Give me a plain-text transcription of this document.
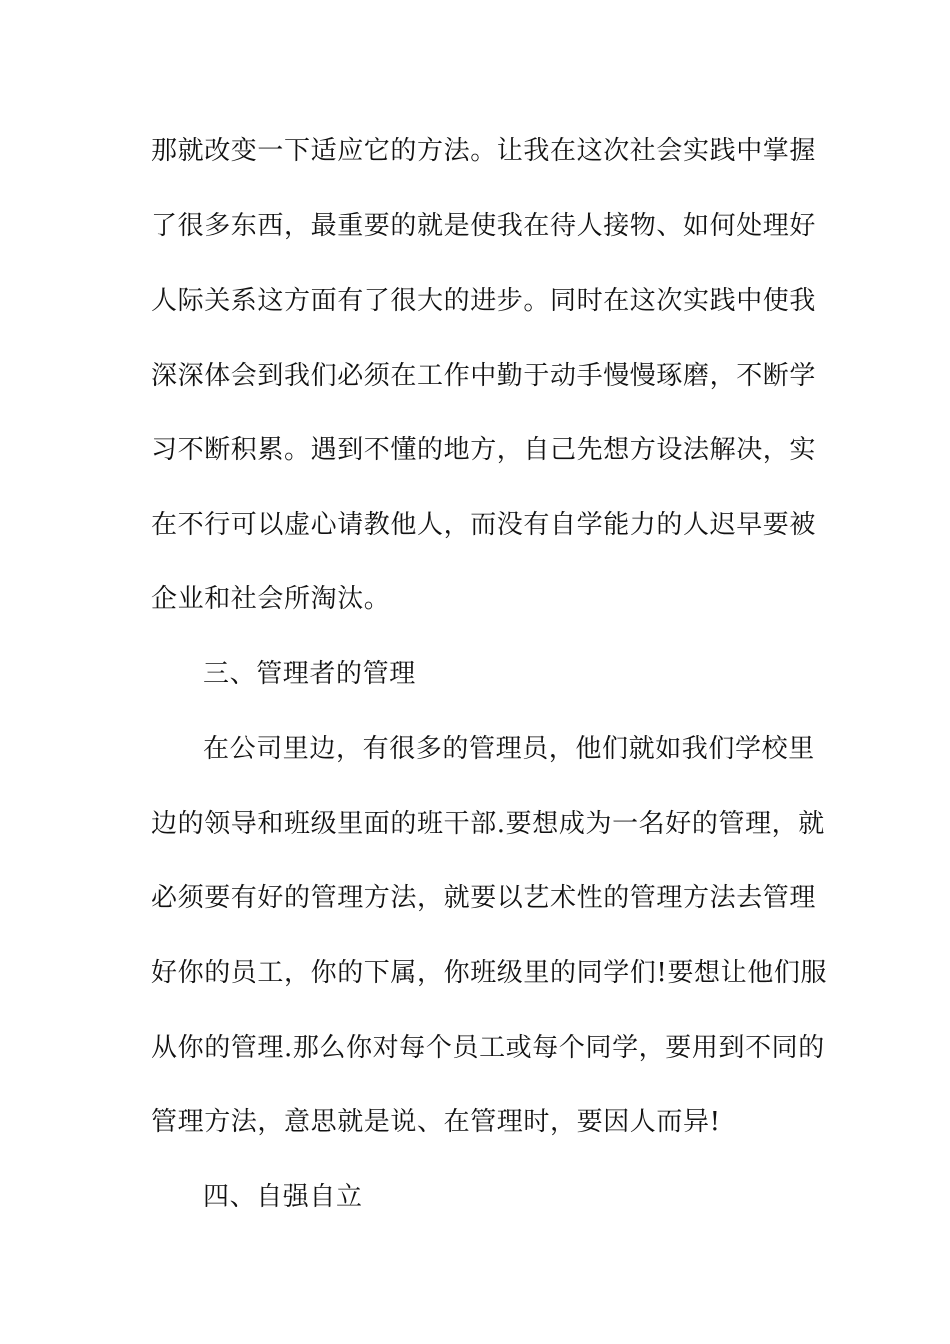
那就改变一下适应它的方法。让我在这次社会实践中掌握
了很多东西，最重要的就是使我在待人接物、如何处理好
人际关系这方面有了很大的进步。同时在这次实践中使我
深深体会到我们必须在工作中勤于动手慢慢琢磨，不断学
习不断积累。遇到不懂的地方，自己先想方设法解决，实
在不行可以虚心请教他人，而没有自学能力的人迟早要被
企业和社会所淘汰。
三、管理者的管理
在公司里边，有很多的管理员，他们就如我们学校里
边的领导和班级里面的班干部.要想成为一名好的管理，就
必须要有好的管理方法，就要以艺术性的管理方法去管理
好你的员工，你的下属，你班级里的同学们!要想让他们服
从你的管理.那么你对每个员工或每个同学，要用到不同的
管理方法，意思就是说、在管理时，要因人而异!
四、自强自立
